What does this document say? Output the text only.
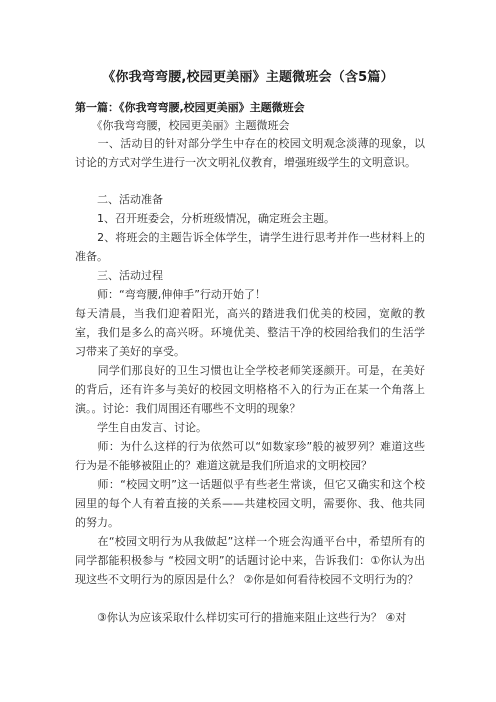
《你我弯弯腰,校园更美丽》主题微班会（含5篇）
第一篇：《你我弯弯腰,校园更美丽》主题微班会
　　《你我弯弯腰，校园更美丽》主题微班会
　　一、活动目的针对部分学生中存在的校园文明观念淡薄的现象，以讨论的方式对学生进行一次文明礼仪教育，增强班级学生的文明意识。
　　二、活动准备
　　1、召开班委会，分析班级情况，确定班会主题。
　　2、将班会的主题告诉全体学生，请学生进行思考并作一些材料上的准备。
　　三、活动过程
　　师：“弯弯腰,伸伸手”行动开始了！
每天清晨，当我们迎着阳光，高兴的踏进我们优美的校园，宽敞的教室，我们是多么的高兴呀。环境优美、整洁干净的校园给我们的生活学习带来了美好的享受。
　　同学们那良好的卫生习惯也让全学校老师笑逐颜开。可是，在美好的背后，还有许多与美好的校园文明格格不入的行为正在某一个角落上演。。讨论：我们周围还有哪些不文明的现象？
　　学生自由发言、讨论。
　　师：为什么这样的行为依然可以“如数家珍”般的被罗列？难道这些行为是不能够被阻止的？难道这就是我们所追求的文明校园？
　　师：“校园文明”这一话题似乎有些老生常谈，但它又确实和这个校园里的每个人有着直接的关系——共建校园文明，需要你、我、他共同的努力。
　　在“校园文明行为从我做起”这样一个班会沟通平台中，希望所有的同学都能积极参与 “校园文明”的话题讨论中来，告诉我们：①你认为出现这些不文明行为的原因是什么？ ②你是如何看待校园不文明行为的？
　　③你认为应该采取什么样切实可行的措施来阻止这些行为？ ④对
